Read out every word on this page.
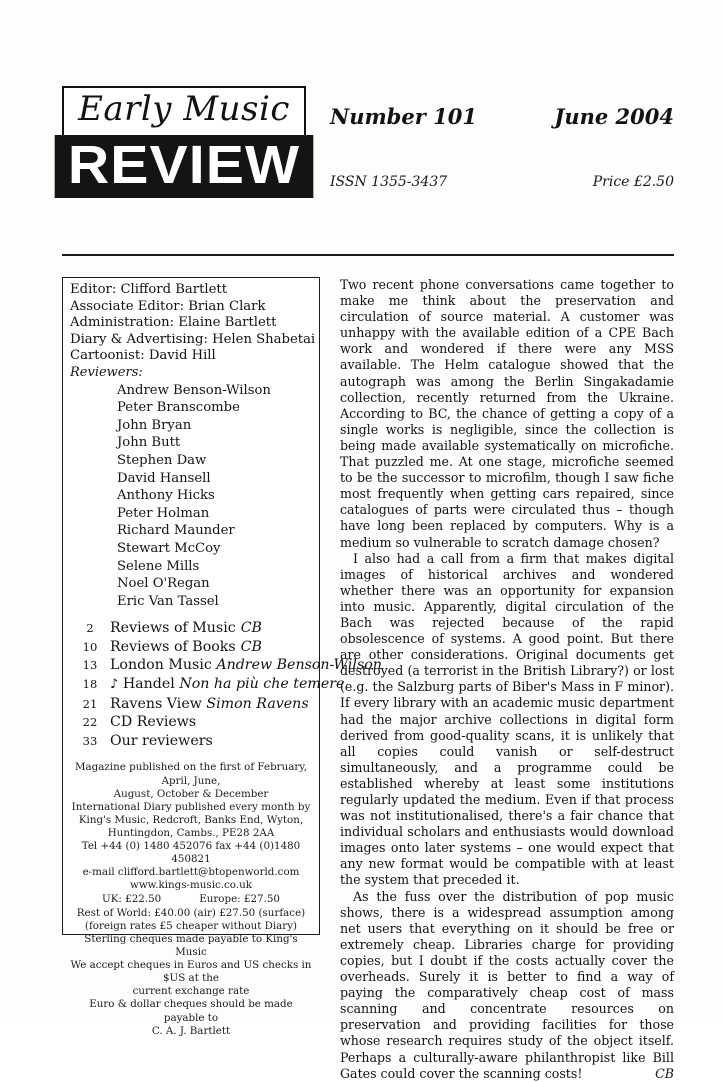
Early Music
REVIEW
Number 101	June 2004
ISSN 1355-3437	Price £2.50
Editor: Clifford Bartlett
Associate Editor: Brian Clark
Administration: Elaine Bartlett
Diary & Advertising: Helen Shabetai
Cartoonist: David Hill
Reviewers:
Andrew Benson-Wilson
Peter Branscombe
John Bryan
John Butt
Stephen Daw
David Hansell
Anthony Hicks
Peter Holman
Richard Maunder
Stewart McCoy
Selene Mills
Noel O'Regan
Eric Van Tassel
2	Reviews of Music CB
10 Reviews of Books CB
13 London Music Andrew Benson-Wilson
18 ♪ Handel Non ha più che temere
21 Ravens View Simon Ravens
22 CD Reviews
33 Our reviewers

Magazine published on the first of February, April, June,

August, October & December

International Diary published every month by

King's Music, Redcroft, Banks End, Wyton,

Huntingdon, Cambs., PE28 2AA

Tel +44 (0) 1480 452076 fax +44 (0)1480 450821

e-mail clifford.bartlett@btopenworld.com

www.kings-music.co.uk

UK: £22.50	Europe: £27.50

Rest of World: £40.00 (air) £27.50 (surface)

(foreign rates £5 cheaper without Diary)

Sterling cheques made payable to King's Music

We accept cheques in Euros and US checks in $US at the

current exchange rate

Euro & dollar cheques should be made payable to

C. A. J. Bartlett

Two recent phone conversations came together to make me think about the preservation and circulation of source material. A customer was unhappy with the available edition of a CPE Bach work and wondered if there were any MSS available. The Helm catalogue showed that the autograph was among the Berlin Singakadamie collection, recently returned from the Ukraine. According to BC, the chance of getting a copy of a single works is negligible, since the collection is being made available systematically on microfiche. That puzzled me. At one stage, microfiche seemed to be the successor to microfilm, though I saw fiche most frequently when getting cars repaired, since catalogues of parts were circulated thus – though have long been replaced by computers. Why is a medium so vulnerable to scratch damage chosen?

I also had a call from a firm that makes digital images of historical archives and wondered whether there was an opportunity for expansion into music. Apparently, digital circulation of the Bach was rejected because of the rapid obsolescence of systems. A good point. But there are other considerations. Original documents get destroyed (a terrorist in the British Library?) or lost (e.g. the Salzburg parts of Biber's Mass in F minor). If every library with an academic music department had the major archive collections in digital form derived from good-quality scans, it is unlikely that all copies could vanish or self-destruct simultaneously, and a programme could be established whereby at least some institutions regularly updated the medium. Even if that process was not institutionalised, there's a fair chance that individual scholars and enthusiasts would download images onto later systems – one would expect that any new format would be compatible with at least the system that preceded it.

As the fuss over the distribution of pop music shows, there is a widespread assumption among net users that everything on it should be free or extremely cheap. Libraries charge for providing copies, but I doubt if the costs actually cover the overheads. Surely it is better to find a way of paying the comparatively cheap cost of mass scanning and concentrate resources on preservation and providing facilities for those whose research requires study of the object itself. Perhaps a culturally-aware philanthropist like Bill Gates could cover the scanning costs!	CB
